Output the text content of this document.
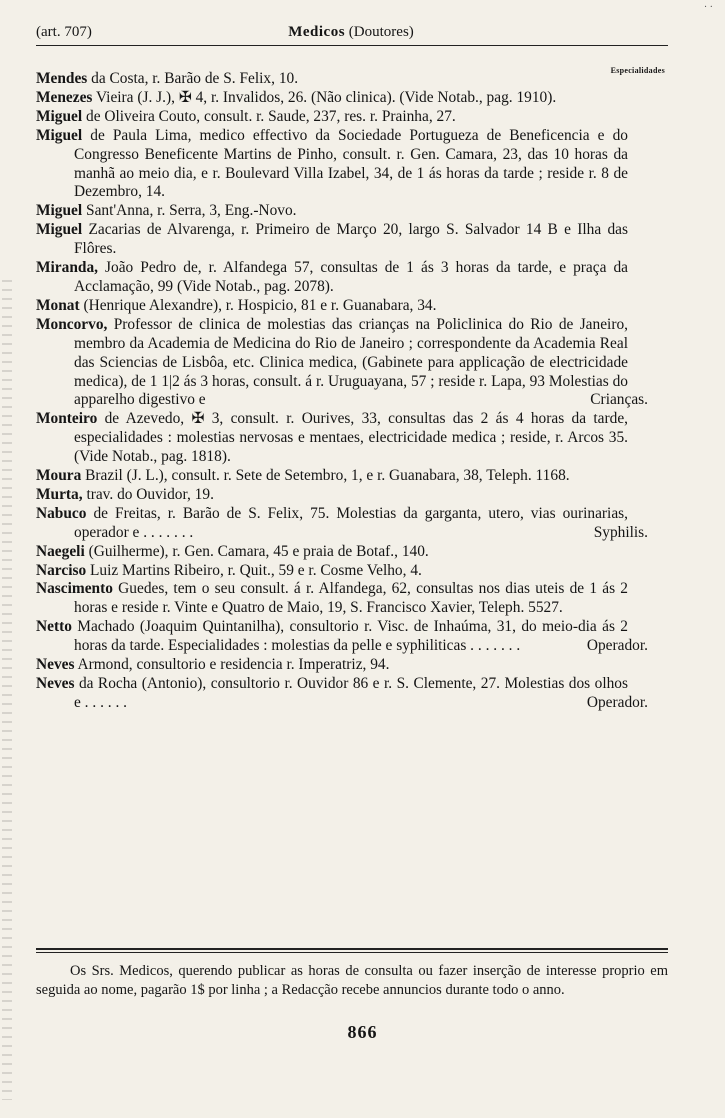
· ·
(art. 707)	Medicos (Doutores)
Especialidades
Mendes da Costa, r. Barão de S. Felix, 10.
Menezes Vieira (J. J.), ✠ 4, r. Invalidos, 26. (Não clinica). (Vide Notab., pag. 1910).
Miguel de Oliveira Couto, consult. r. Saude, 237, res. r. Prainha, 27.
Miguel de Paula Lima, medico effectivo da Sociedade Portugueza de Beneficencia e do Congresso Beneficente Martins de Pinho, consult. r. Gen. Camara, 23, das 10 horas da manhã ao meio dia, e r. Boulevard Villa Izabel, 34, de 1 ás horas da tarde ; reside r. 8 de Dezembro, 14.
Miguel Sant'Anna, r. Serra, 3, Eng.-Novo.
Miguel Zacarias de Alvarenga, r. Primeiro de Março 20, largo S. Salvador 14 B e Ilha das Flôres.
Miranda, João Pedro de, r. Alfandega 57, consultas de 1 ás 3 horas da tarde, e praça da Acclamação, 99 (Vide Notab., pag. 2078).
Monat (Henrique Alexandre), r. Hospicio, 81 e r. Guanabara, 34.
Moncorvo, Professor de clinica de molestias das crianças na Policlinica do Rio de Janeiro, membro da Academia de Medicina do Rio de Janeiro ; correspondente da Academia Real das Sciencias de Lisbôa, etc. Clinica medica, (Gabinete para applicação de electricidade medica), de 1 1|2 ás 3 horas, consult. á r. Uruguayana, 57 ; reside r. Lapa, 93 Molestias do apparelho digestivo e	Crianças.
Monteiro de Azevedo, ✠ 3, consult. r. Ourives, 33, consultas das 2 ás 4 horas da tarde, especialidades : molestias nervosas e mentaes, electricidade medica ; reside, r. Arcos 35. (Vide Notab., pag. 1818).
Moura Brazil (J. L.), consult. r. Sete de Setembro, 1, e r. Guanabara, 38, Teleph. 1168.
Murta, trav. do Ouvidor, 19.
Nabuco de Freitas, r. Barão de S. Felix, 75. Molestias da garganta, utero, vias ourinarias, operador e . . . . . . .	Syphilis.
Naegeli (Guilherme), r. Gen. Camara, 45 e praia de Botaf., 140.
Narciso Luiz Martins Ribeiro, r. Quit., 59 e r. Cosme Velho, 4.
Nascimento Guedes, tem o seu consult. á r. Alfandega, 62, consultas nos dias uteis de 1 ás 2 horas e reside r. Vinte e Quatro de Maio, 19, S. Francisco Xavier, Teleph. 5527.
Netto Machado (Joaquim Quintanilha), consultorio r. Visc. de Inhaúma, 31, do meio-dia ás 2 horas da tarde. Especialidades : molestias da pelle e syphiliticas . . . . . . .	Operador.
Neves Armond, consultorio e residencia r. Imperatriz, 94.
Neves da Rocha (Antonio), consultorio r. Ouvidor 86 e r. S. Clemente, 27. Molestias dos olhos e . . . . . .	Operador.
Os Srs. Medicos, querendo publicar as horas de consulta ou fazer inserção de interesse proprio em seguida ao nome, pagarão 1$ por linha ; a Redacção recebe annuncios durante todo o anno.
866
